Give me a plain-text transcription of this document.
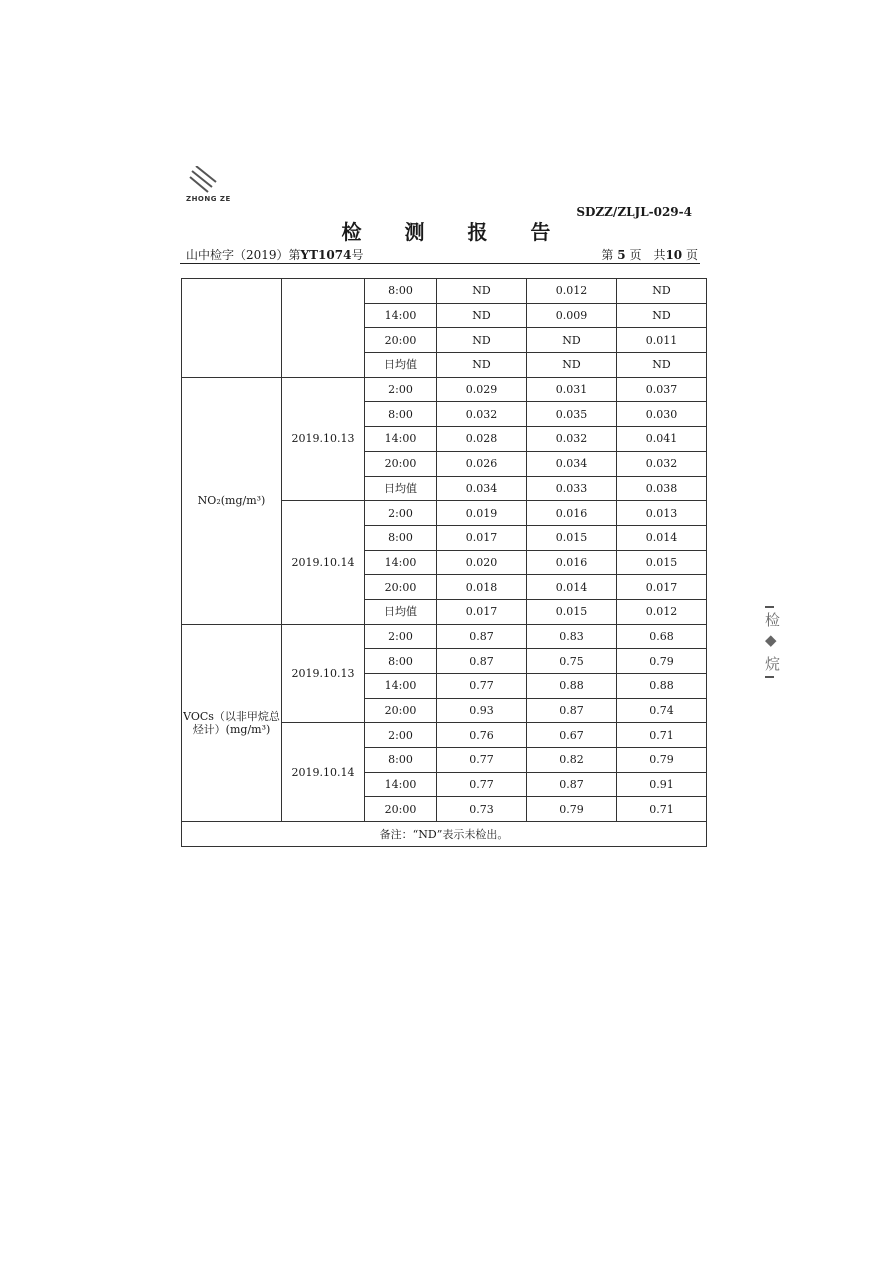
ZHONG ZE
SDZZ/ZLJL-029-4
检 测 报 告
山中检字（2019）第YT1074号	第 5 页　共10 页
		8:00	ND	0.012	ND
		14:00	ND	0.009	ND
		20:00	ND	ND	0.011
		日均值	ND	ND	ND
NO₂(mg/m³)	2019.10.13	2:00	0.029	0.031	0.037
		8:00	0.032	0.035	0.030
		14:00	0.028	0.032	0.041
		20:00	0.026	0.034	0.032
		日均值	0.034	0.033	0.038
	2019.10.14	2:00	0.019	0.016	0.013
		8:00	0.017	0.015	0.014
		14:00	0.020	0.016	0.015
		20:00	0.018	0.014	0.017
		日均值	0.017	0.015	0.012
VOCs（以非甲烷总烃计）(mg/m³)	2019.10.13	2:00	0.87	0.83	0.68
		8:00	0.87	0.75	0.79
		14:00	0.77	0.88	0.88
		20:00	0.93	0.87	0.74
	2019.10.14	2:00	0.76	0.67	0.71
		8:00	0.77	0.82	0.79
		14:00	0.77	0.87	0.91
		20:00	0.73	0.79	0.71
备注：“ND”表示未检出。					
检
◆
烷
